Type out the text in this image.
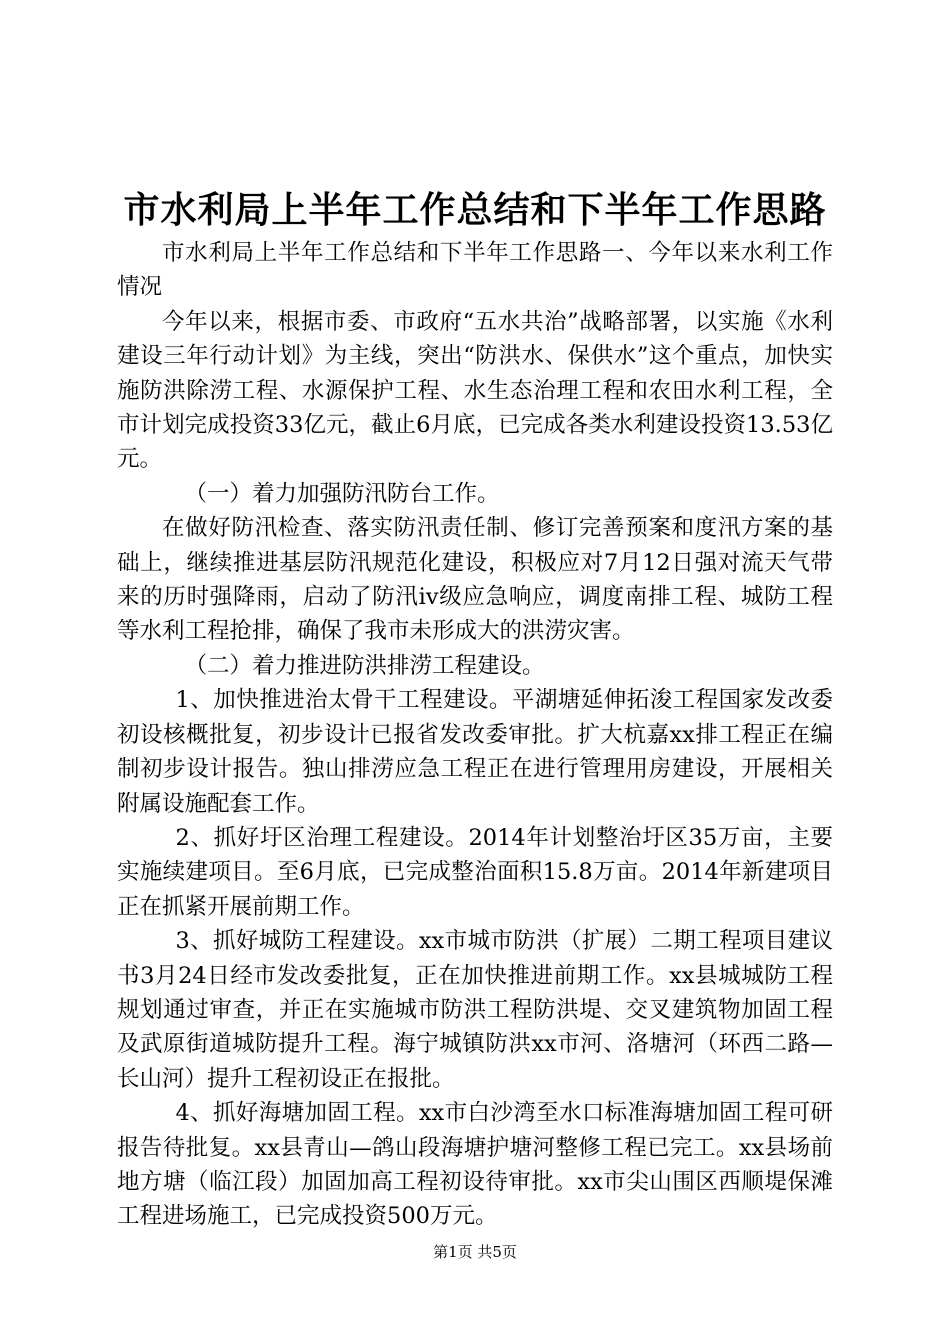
市水利局上半年工作总结和下半年工作思路

市水利局上半年工作总结和下半年工作思路一、今年以来水利工作情况

今年以来，根据市委、市政府“五水共治”战略部署，以实施《水利建设三年行动计划》为主线，突出“防洪水、保供水”这个重点，加快实施防洪除涝工程、水源保护工程、水生态治理工程和农田水利工程，全市计划完成投资33亿元，截止6月底，已完成各类水利建设投资13.53亿元。

（一）着力加强防汛防台工作。

在做好防汛检查、落实防汛责任制、修订完善预案和度汛方案的基础上，继续推进基层防汛规范化建设，积极应对7月12日强对流天气带来的历时强降雨，启动了防汛iv级应急响应，调度南排工程、城防工程等水利工程抢排，确保了我市未形成大的洪涝灾害。

（二）着力推进防洪排涝工程建设。

1、加快推进治太骨干工程建设。平湖塘延伸拓浚工程国家发改委初设核概批复，初步设计已报省发改委审批。扩大杭嘉xx排工程正在编制初步设计报告。独山排涝应急工程正在进行管理用房建设，开展相关附属设施配套工作。

2、抓好圩区治理工程建设。2014年计划整治圩区35万亩，主要实施续建项目。至6月底，已完成整治面积15.8万亩。2014年新建项目正在抓紧开展前期工作。

3、抓好城防工程建设。xx市城市防洪（扩展）二期工程项目建议书3月24日经市发改委批复，正在加快推进前期工作。xx县城城防工程规划通过审查，并正在实施城市防洪工程防洪堤、交叉建筑物加固工程及武原街道城防提升工程。海宁城镇防洪xx市河、洛塘河（环西二路—长山河）提升工程初设正在报批。

4、抓好海塘加固工程。xx市白沙湾至水口标准海塘加固工程可研报告待批复。xx县青山—鸽山段海塘护塘河整修工程已完工。xx县场前地方塘（临江段）加固加高工程初设待审批。xx市尖山围区西顺堤保滩工程进场施工，已完成投资500万元。

第1页 共5页
